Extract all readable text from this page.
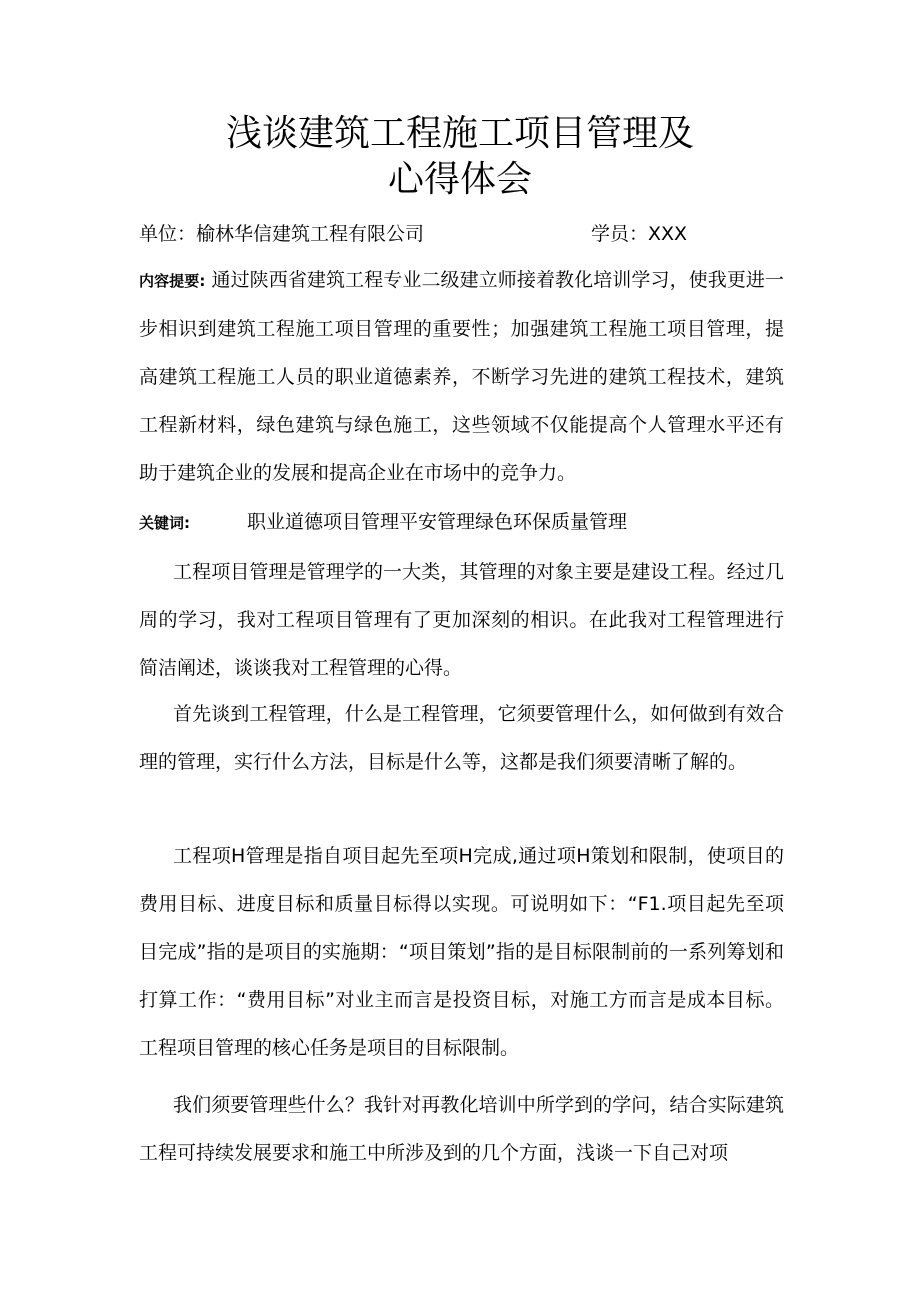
浅谈建筑工程施工项目管理及
心得体会
单位：榆林华信建筑工程有限公司	学员：XXX

内容提要: 通过陕西省建筑工程专业二级建立师接着教化培训学习，使我更进一步相识到建筑工程施工项目管理的重要性；加强建筑工程施工项目管理，提高建筑工程施工人员的职业道德素养，不断学习先进的建筑工程技术，建筑工程新材料，绿色建筑与绿色施工，这些领域不仅能提高个人管理水平还有助于建筑企业的发展和提高企业在市场中的竞争力。

关键词:	职业道德项目管理平安管理绿色环保质量管理

工程项目管理是管理学的一大类，其管理的对象主要是建设工程。经过几周的学习，我对工程项目管理有了更加深刻的相识。在此我对工程管理进行简洁阐述，谈谈我对工程管理的心得。

首先谈到工程管理，什么是工程管理，它须要管理什么，如何做到有效合理的管理，实行什么方法，目标是什么等，这都是我们须要清晰了解的。

工程项H管理是指自项目起先至项H完成,通过项H策划和限制，使项目的费用目标、进度目标和质量目标得以实现。可说明如下：“F1.项目起先至项目完成”指的是项目的实施期：“项目策划”指的是目标限制前的一系列筹划和打算工作：“费用目标”对业主而言是投资目标，对施工方而言是成本目标。工程项目管理的核心任务是项目的目标限制。

我们须要管理些什么？我针对再教化培训中所学到的学问，结合实际建筑工程可持续发展要求和施工中所涉及到的几个方面，浅谈一下自己对项
